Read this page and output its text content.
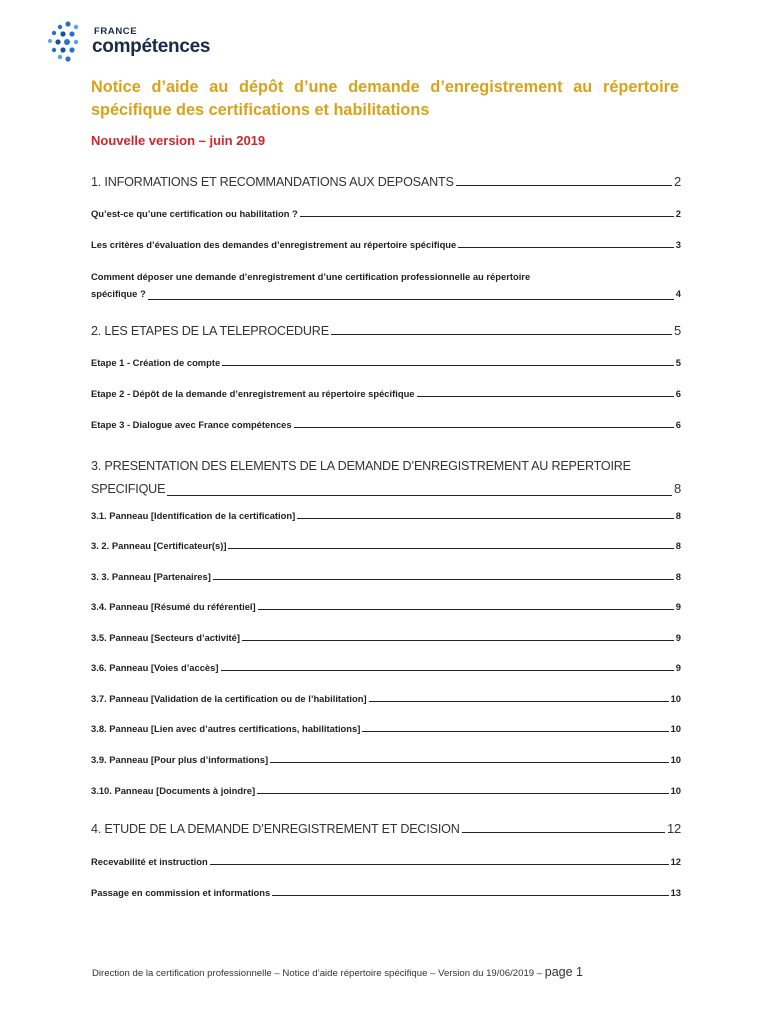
FRANCE
compétences
Notice d’aide au dépôt d’une demande d’enregistrement au répertoire spécifique des certifications et habilitations
Nouvelle version – juin 2019
1. INFORMATIONS ET RECOMMANDATIONS AUX DEPOSANTS	2
Qu’est-ce qu’une certification ou habilitation ?	2
Les critères d’évaluation des demandes d’enregistrement au répertoire spécifique	3
Comment déposer une demande d’enregistrement d’une certification professionnelle au répertoire
spécifique ?	4
2. LES ETAPES DE LA TELEPROCEDURE	5
Etape 1 - Création de compte	5
Etape 2 - Dépôt de la demande d’enregistrement au répertoire spécifique	6
Etape 3 - Dialogue avec France compétences	6
3. PRESENTATION DES ELEMENTS DE LA DEMANDE D’ENREGISTREMENT AU REPERTOIRE
SPECIFIQUE	8
3.1. Panneau [Identification de la certification]	8
3. 2. Panneau [Certificateur(s)]	8
3. 3. Panneau [Partenaires]	8
3.4. Panneau [Résumé du référentiel]	9
3.5. Panneau [Secteurs d’activité]	9
3.6. Panneau [Voies d’accès]	9
3.7. Panneau [Validation de la certification ou de l’habilitation]	10
3.8. Panneau [Lien avec d’autres certifications, habilitations]	10
3.9. Panneau [Pour plus d’informations]	10
3.10. Panneau [Documents à joindre]	10
4. ETUDE DE LA DEMANDE D’ENREGISTREMENT ET DECISION	12
Recevabilité et instruction	12
Passage en commission et informations	13
Direction de la certification professionnelle – Notice d’aide répertoire spécifique – Version du 19/06/2019 – page 1
